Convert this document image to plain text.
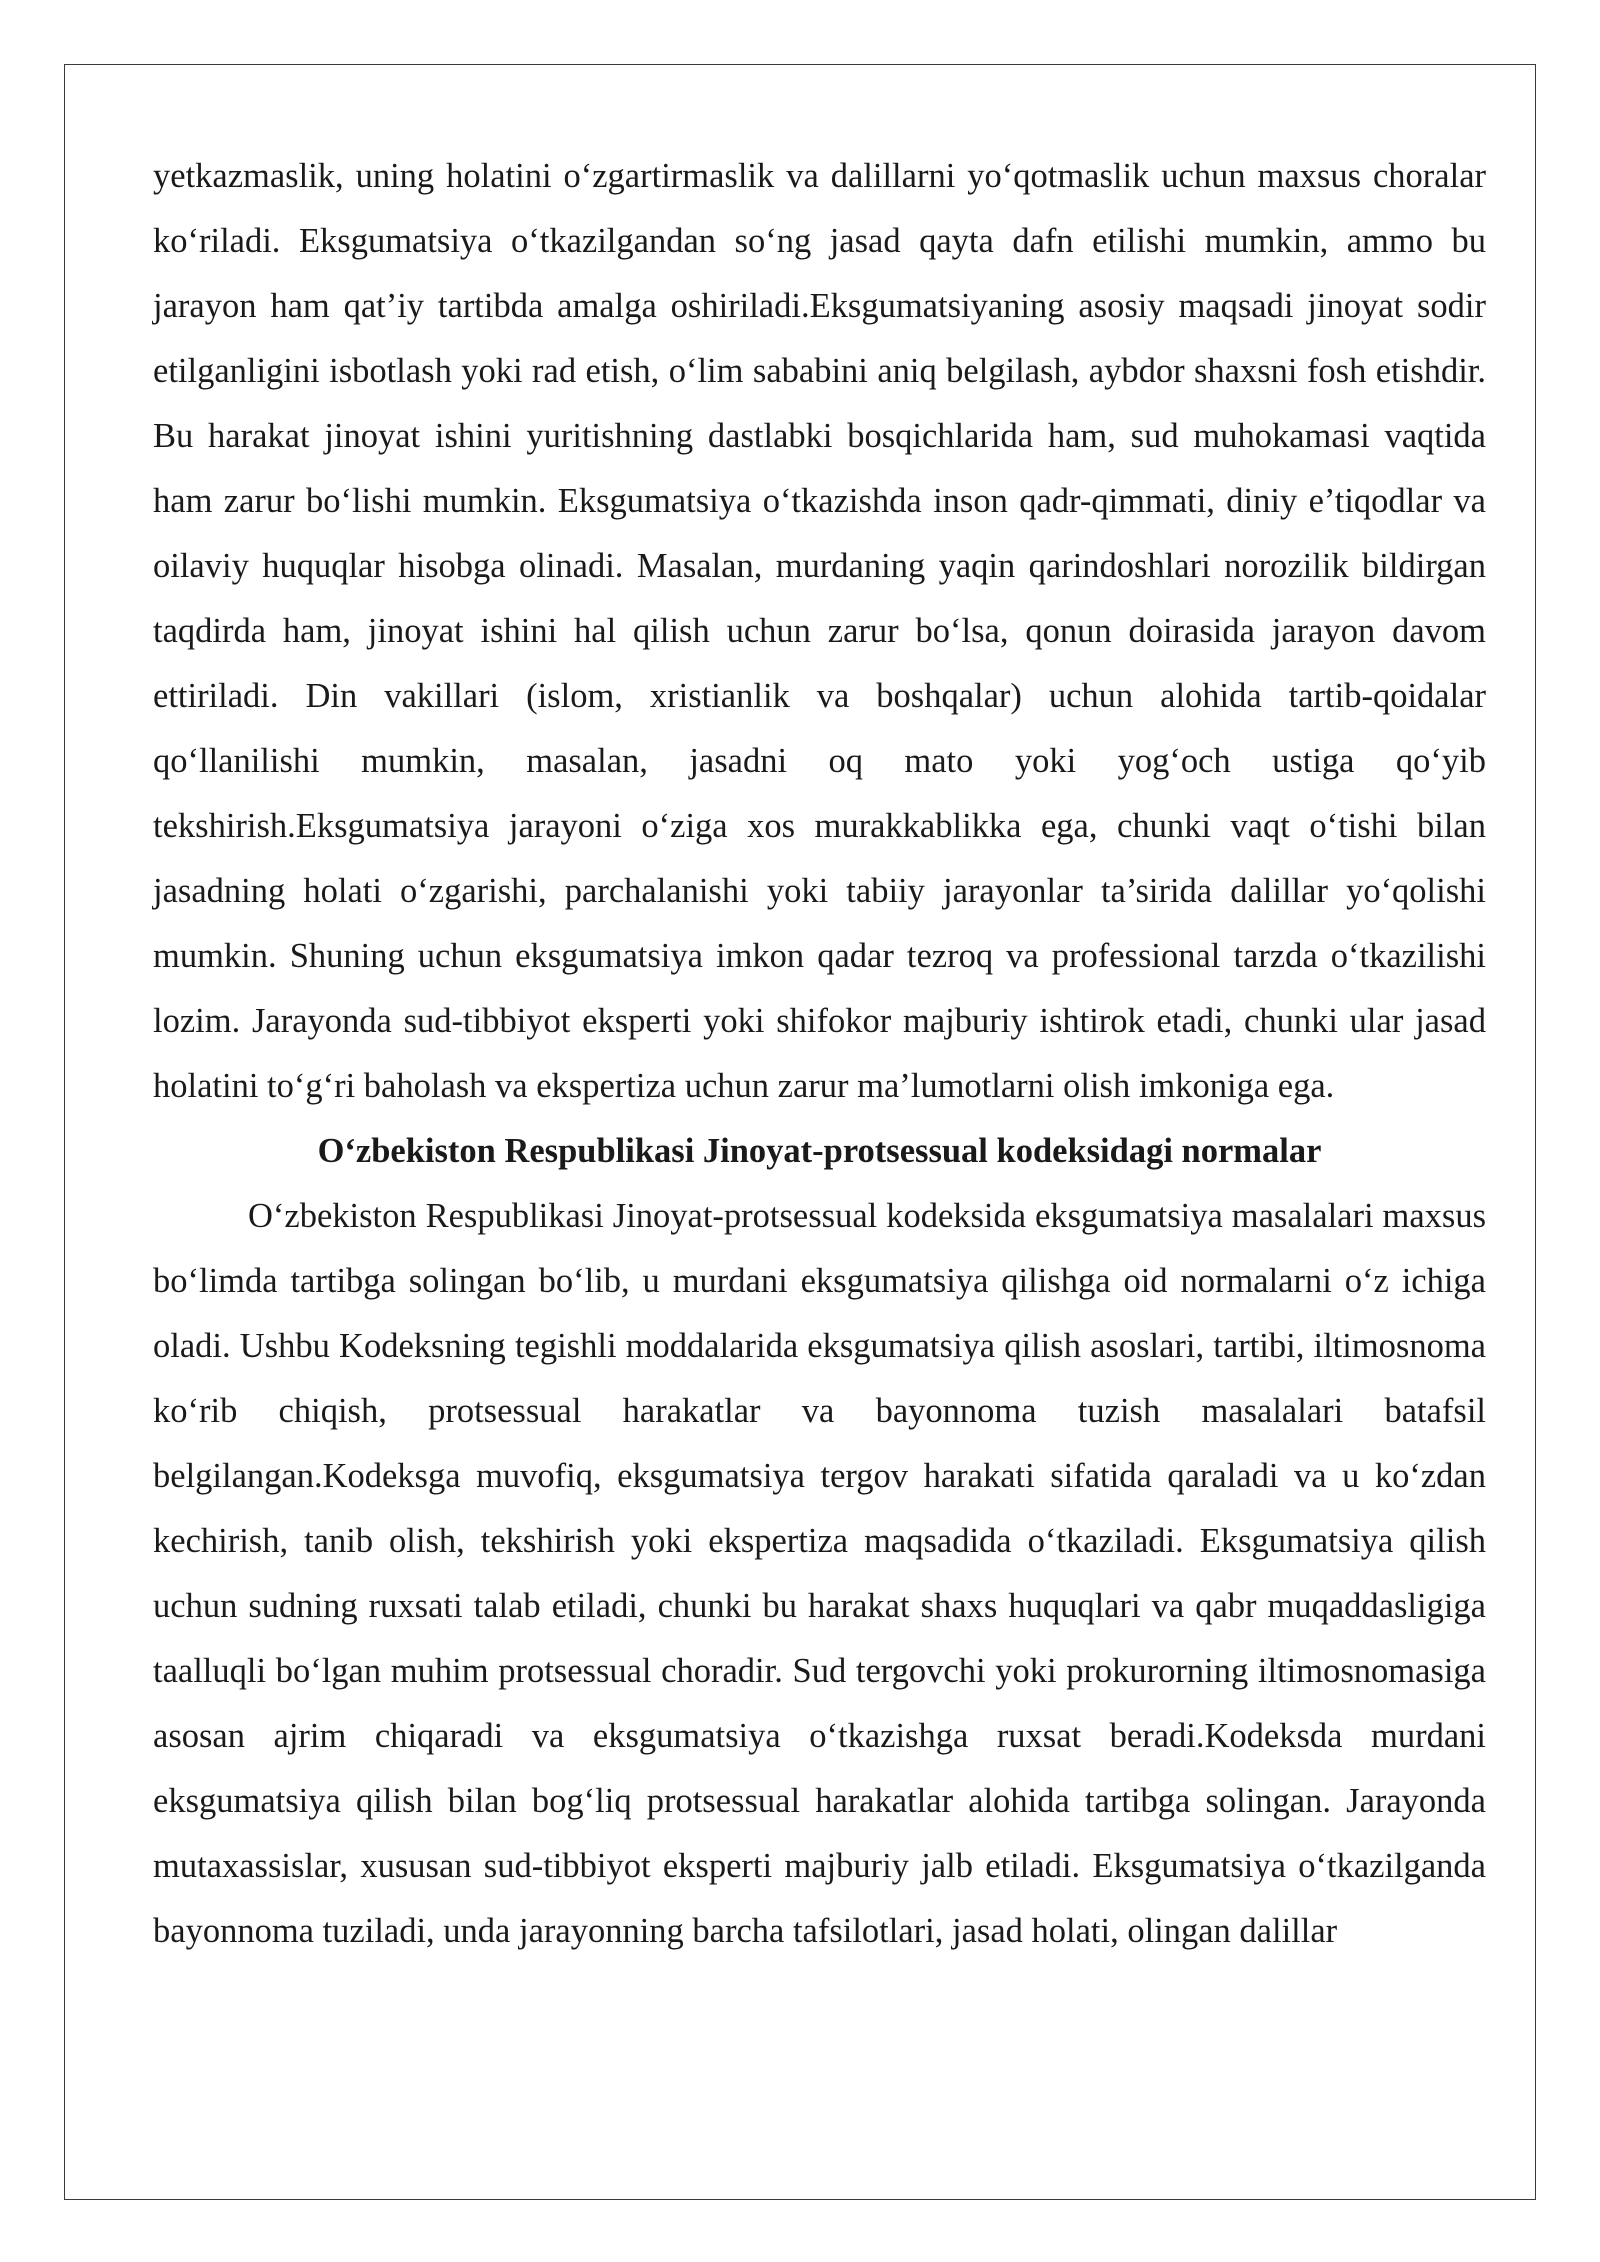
yetkazmaslik, uning holatini o‘zgartirmaslik va dalillarni yo‘qotmaslik uchun maxsus choralar ko‘riladi. Eksgumatsiya o‘tkazilgandan so‘ng jasad qayta dafn etilishi mumkin, ammo bu jarayon ham qat’iy tartibda amalga oshiriladi.Eksgumatsiyaning asosiy maqsadi jinoyat sodir etilganligini isbotlash yoki rad etish, o‘lim sababini aniq belgilash, aybdor shaxsni fosh etishdir. Bu harakat jinoyat ishini yuritishning dastlabki bosqichlarida ham, sud muhokamasi vaqtida ham zarur bo‘lishi mumkin. Eksgumatsiya o‘tkazishda inson qadr-qimmati, diniy e’tiqodlar va oilaviy huquqlar hisobga olinadi. Masalan, murdaning yaqin qarindoshlari norozilik bildirgan taqdirda ham, jinoyat ishini hal qilish uchun zarur bo‘lsa, qonun doirasida jarayon davom ettiriladi. Din vakillari (islom, xristianlik va boshqalar) uchun alohida tartib-qoidalar qo‘llanilishi mumkin, masalan, jasadni oq mato yoki yog‘och ustiga qo‘yib tekshirish.Eksgumatsiya jarayoni o‘ziga xos murakkablikka ega, chunki vaqt o‘tishi bilan jasadning holati o‘zgarishi, parchalanishi yoki tabiiy jarayonlar ta’sirida dalillar yo‘qolishi mumkin. Shuning uchun eksgumatsiya imkon qadar tezroq va professional tarzda o‘tkazilishi lozim. Jarayonda sud-tibbiyot eksperti yoki shifokor majburiy ishtirok etadi, chunki ular jasad holatini to‘g‘ri baholash va ekspertiza uchun zarur ma’lumotlarni olish imkoniga ega.

O‘zbekiston Respublikasi Jinoyat-protsessual kodeksidagi normalar

O‘zbekiston Respublikasi Jinoyat-protsessual kodeksida eksgumatsiya masalalari maxsus bo‘limda tartibga solingan bo‘lib, u murdani eksgumatsiya qilishga oid normalarni o‘z ichiga oladi. Ushbu Kodeksning tegishli moddalarida eksgumatsiya qilish asoslari, tartibi, iltimosnoma ko‘rib chiqish, protsessual harakatlar va bayonnoma tuzish masalalari batafsil belgilangan.Kodeksga muvofiq, eksgumatsiya tergov harakati sifatida qaraladi va u ko‘zdan kechirish, tanib olish, tekshirish yoki ekspertiza maqsadida o‘tkaziladi. Eksgumatsiya qilish uchun sudning ruxsati talab etiladi, chunki bu harakat shaxs huquqlari va qabr muqaddasligiga taalluqli bo‘lgan muhim protsessual choradir. Sud tergovchi yoki prokurorning iltimosnomasiga asosan ajrim chiqaradi va eksgumatsiya o‘tkazishga ruxsat beradi.Kodeksda murdani eksgumatsiya qilish bilan bog‘liq protsessual harakatlar alohida tartibga solingan. Jarayonda mutaxassislar, xususan sud-tibbiyot eksperti majburiy jalb etiladi. Eksgumatsiya o‘tkazilganda bayonnoma tuziladi, unda jarayonning barcha tafsilotlari, jasad holati, olingan dalillar
